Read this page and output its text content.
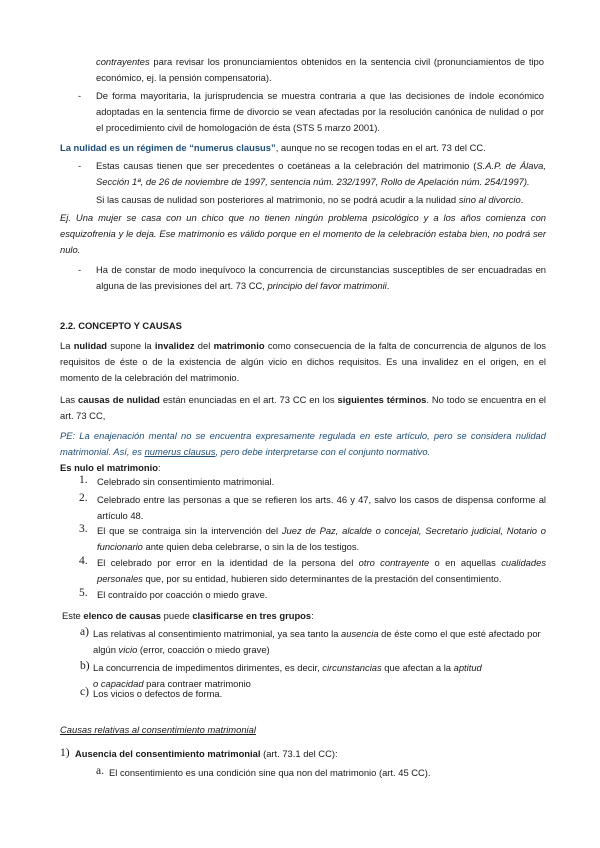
contrayentes para revisar los pronunciamientos obtenidos en la sentencia civil (pronunciamientos de tipo económico, ej. la pensión compensatoria).
-	De forma mayoritaria, la jurisprudencia se muestra contraria a que las decisiones de índole económico adoptadas en la sentencia firme de divorcio se vean afectadas por la resolución canónica de nulidad o por el procedimiento civil de homologación de ésta (STS 5 marzo 2001).
La nulidad es un régimen de “numerus clausus”, aunque no se recogen todas en el art. 73 del CC.
-	Estas causas tienen que ser precedentes o coetáneas a la celebración del matrimonio (S.A.P. de Álava, Sección 1ª, de 26 de noviembre de 1997, sentencia núm. 232/1997, Rollo de Apelación núm. 254/1997).
Si las causas de nulidad son posteriores al matrimonio, no se podrá acudir a la nulidad sino al divorcio.
Ej. Una mujer se casa con un chico que no tienen ningún problema psicológico y a los años comienza con esquizofrenia y le deja. Ese matrimonio es válido porque en el momento de la celebración estaba bien, no podrá ser nulo.
-	Ha de constar de modo inequívoco la concurrencia de circunstancias susceptibles de ser encuadradas en alguna de las previsiones del art. 73 CC, principio del favor matrimonii.
2.2. CONCEPTO Y CAUSAS
La nulidad supone la invalidez del matrimonio como consecuencia de la falta de concurrencia de algunos de los requisitos de éste o de la existencia de algún vicio en dichos requisitos. Es una invalidez en el origen, en el momento de la celebración del matrimonio.
Las causas de nulidad están enunciadas en el art. 73 CC en los siguientes términos. No todo se encuentra en el art. 73 CC,
PE: La enajenación mental no se encuentra expresamente regulada en este artículo, pero se considera nulidad matrimonial. Así, es numerus clausus, pero debe interpretarse con el conjunto normativo.
Es nulo el matrimonio:
1. Celebrado sin consentimiento matrimonial.
2. Celebrado entre las personas a que se refieren los arts. 46 y 47, salvo los casos de dispensa conforme al artículo 48.
3. El que se contraiga sin la intervención del Juez de Paz, alcalde o concejal, Secretario judicial, Notario o funcionario ante quien deba celebrarse, o sin la de los testigos.
4. El celebrado por error en la identidad de la persona del otro contrayente o en aquellas cualidades personales que, por su entidad, hubieren sido determinantes de la prestación del consentimiento.
5. El contraído por coacción o miedo grave.
Este elenco de causas puede clasificarse en tres grupos:
a) Las relativas al consentimiento matrimonial, ya sea tanto la ausencia de éste como el que esté afectado por algún vicio (error, coacción o miedo grave)
b) La concurrencia de impedimentos dirimentes, es decir, circunstancias que afectan a la aptitud o capacidad para contraer matrimonio
c) Los vicios o defectos de forma.
Causas relativas al consentimiento matrimonial
1) Ausencia del consentimiento matrimonial (art. 73.1 del CC):
a. El consentimiento es una condición sine qua non del matrimonio (art. 45 CC).
